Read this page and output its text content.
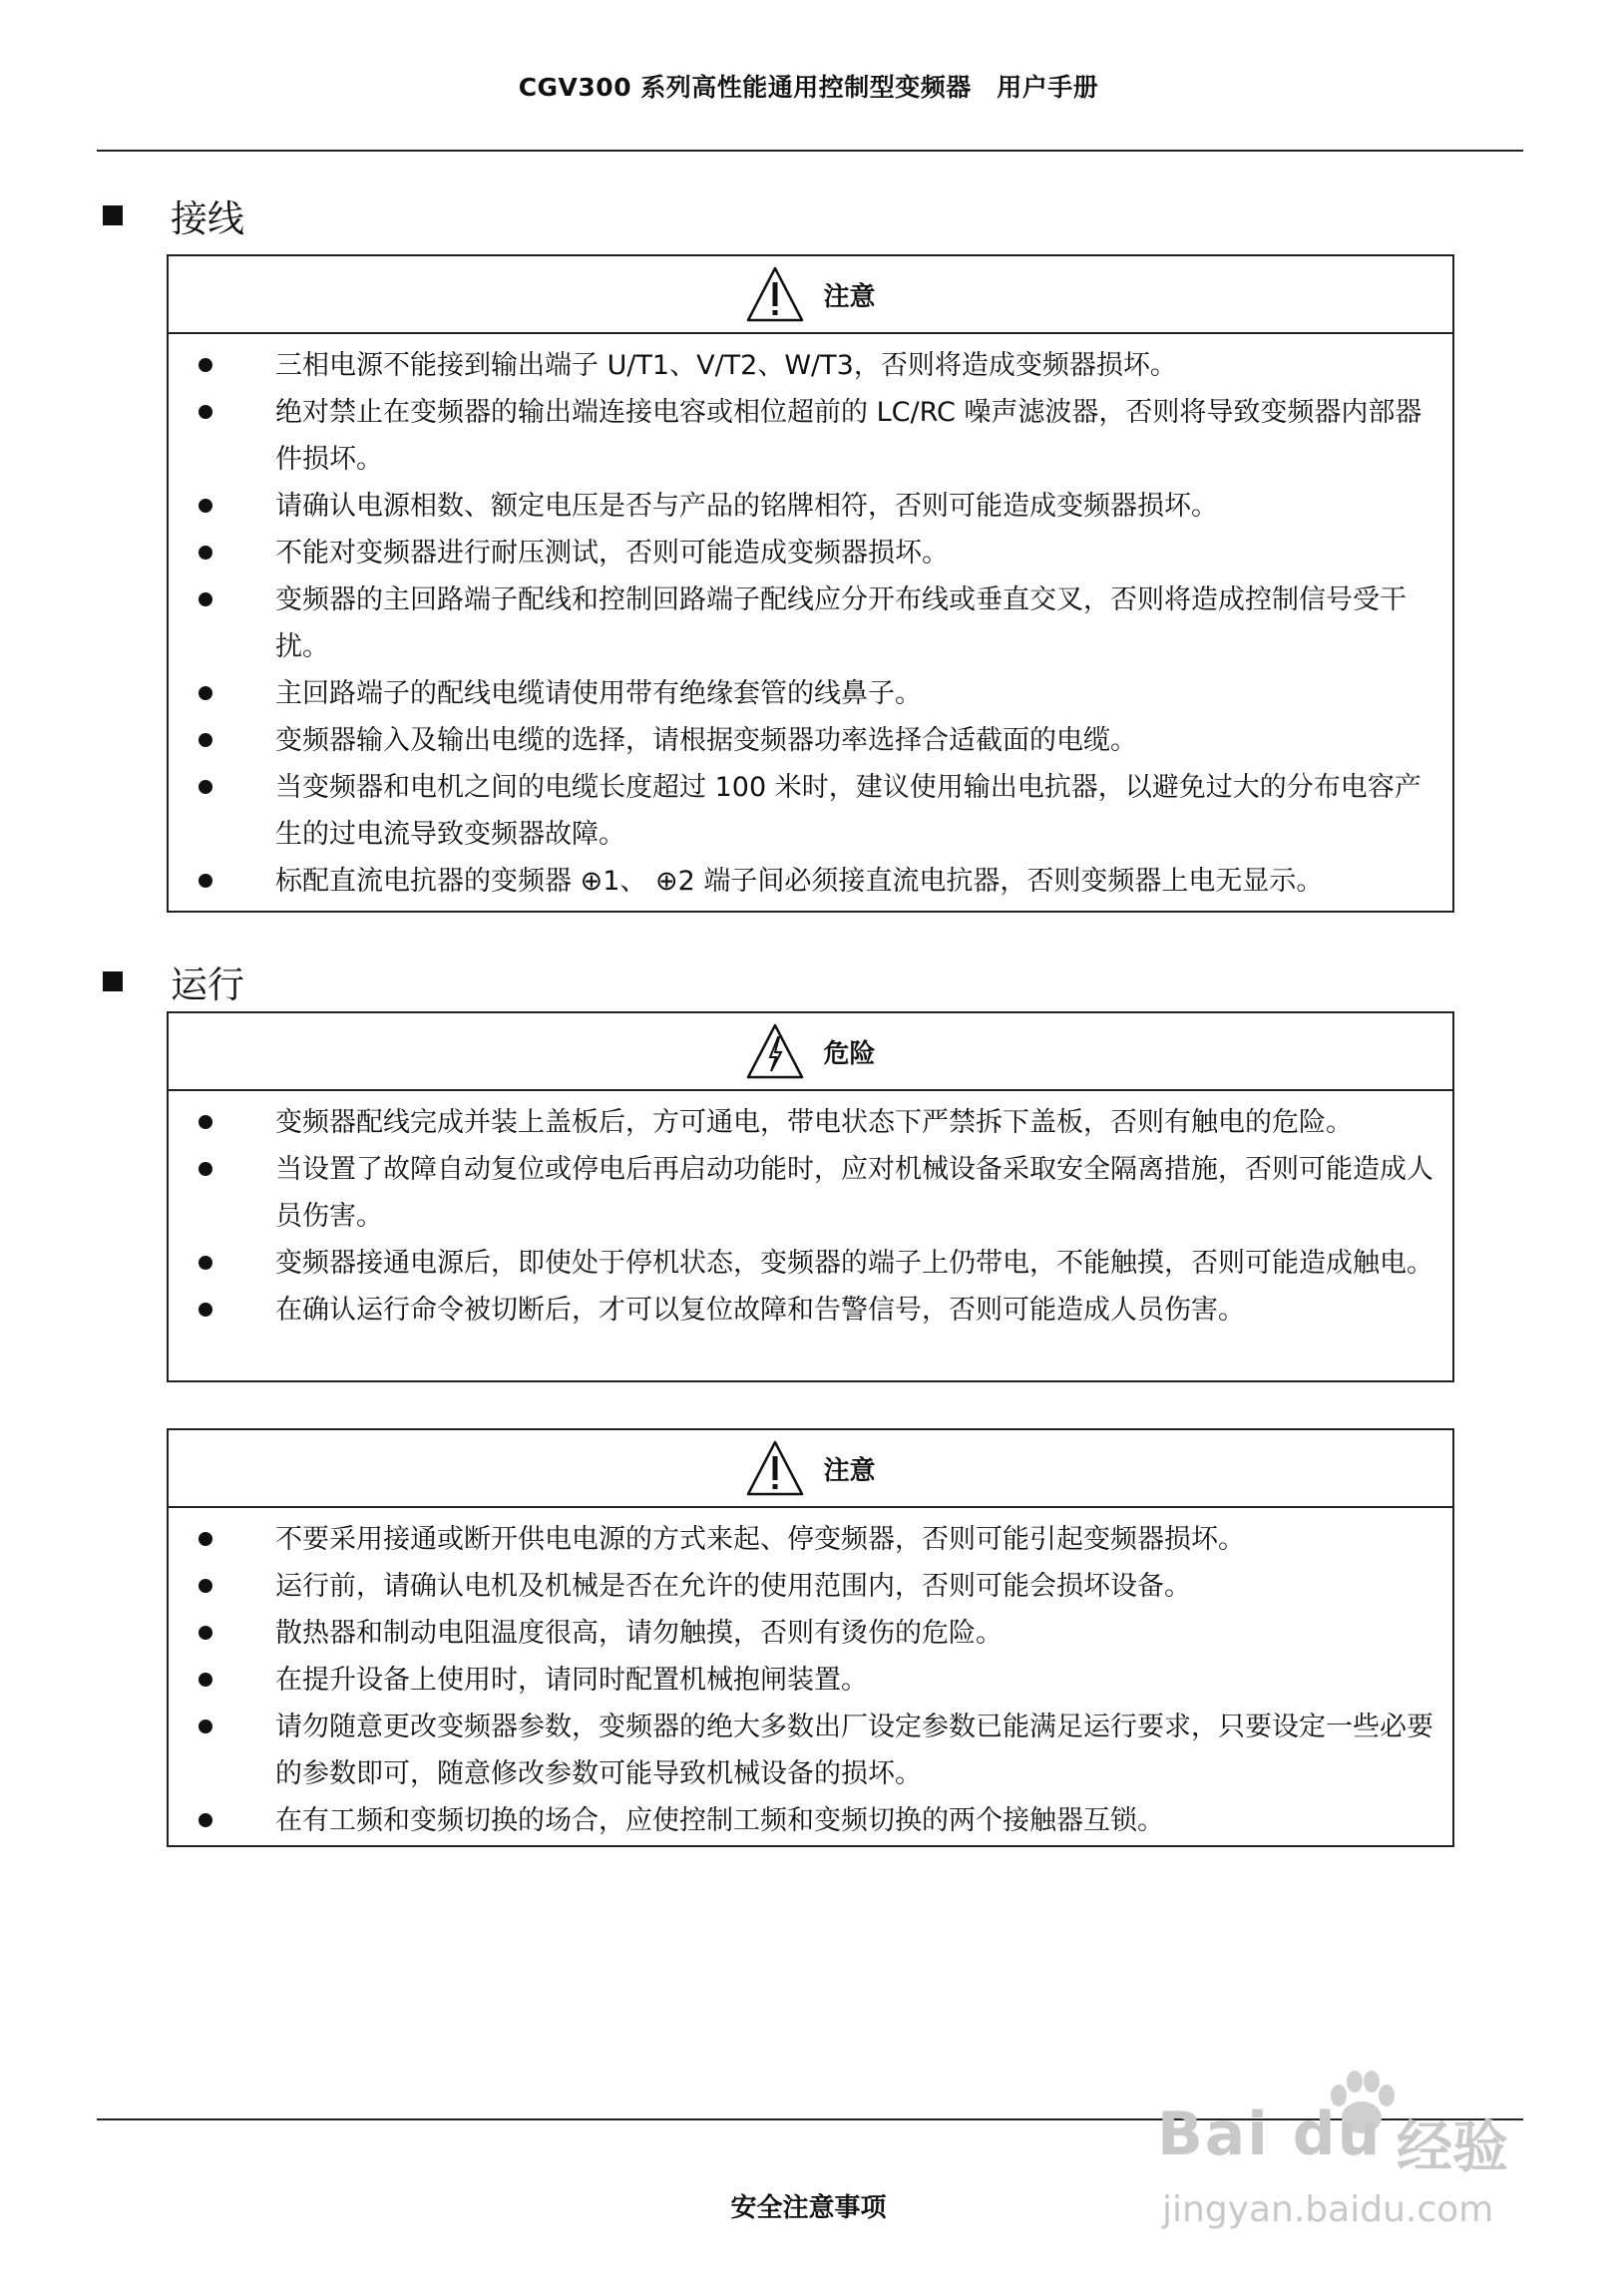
CGV300 系列高性能通用控制型变频器　用户手册
接线
注意
三相电源不能接到输出端子 U/T1、V/T2、W/T3，否则将造成变频器损坏。
绝对禁止在变频器的输出端连接电容或相位超前的 LC/RC 噪声滤波器，否则将导致变频器内部器件损坏。
请确认电源相数、额定电压是否与产品的铭牌相符，否则可能造成变频器损坏。
不能对变频器进行耐压测试，否则可能造成变频器损坏。
变频器的主回路端子配线和控制回路端子配线应分开布线或垂直交叉，否则将造成控制信号受干扰。
主回路端子的配线电缆请使用带有绝缘套管的线鼻子。
变频器输入及输出电缆的选择，请根据变频器功率选择合适截面的电缆。
当变频器和电机之间的电缆长度超过 100 米时，建议使用输出电抗器，以避免过大的分布电容产生的过电流导致变频器故障。
标配直流电抗器的变频器 ⊕1、 ⊕2 端子间必须接直流电抗器，否则变频器上电无显示。
运行
危险
变频器配线完成并装上盖板后，方可通电，带电状态下严禁拆下盖板，否则有触电的危险。
当设置了故障自动复位或停电后再启动功能时，应对机械设备采取安全隔离措施，否则可能造成人员伤害。
变频器接通电源后，即使处于停机状态，变频器的端子上仍带电，不能触摸，否则可能造成触电。
在确认运行命令被切断后，才可以复位故障和告警信号，否则可能造成人员伤害。
注意
不要采用接通或断开供电电源的方式来起、停变频器，否则可能引起变频器损坏。
运行前，请确认电机及机械是否在允许的使用范围内，否则可能会损坏设备。
散热器和制动电阻温度很高，请勿触摸，否则有烫伤的危险。
在提升设备上使用时，请同时配置机械抱闸装置。
请勿随意更改变频器参数，变频器的绝大多数出厂设定参数已能满足运行要求，只要设定一些必要的参数即可，随意修改参数可能导致机械设备的损坏。
在有工频和变频切换的场合，应使控制工频和变频切换的两个接触器互锁。
安全注意事项
Bai du 经验
jingyan.baidu.com
